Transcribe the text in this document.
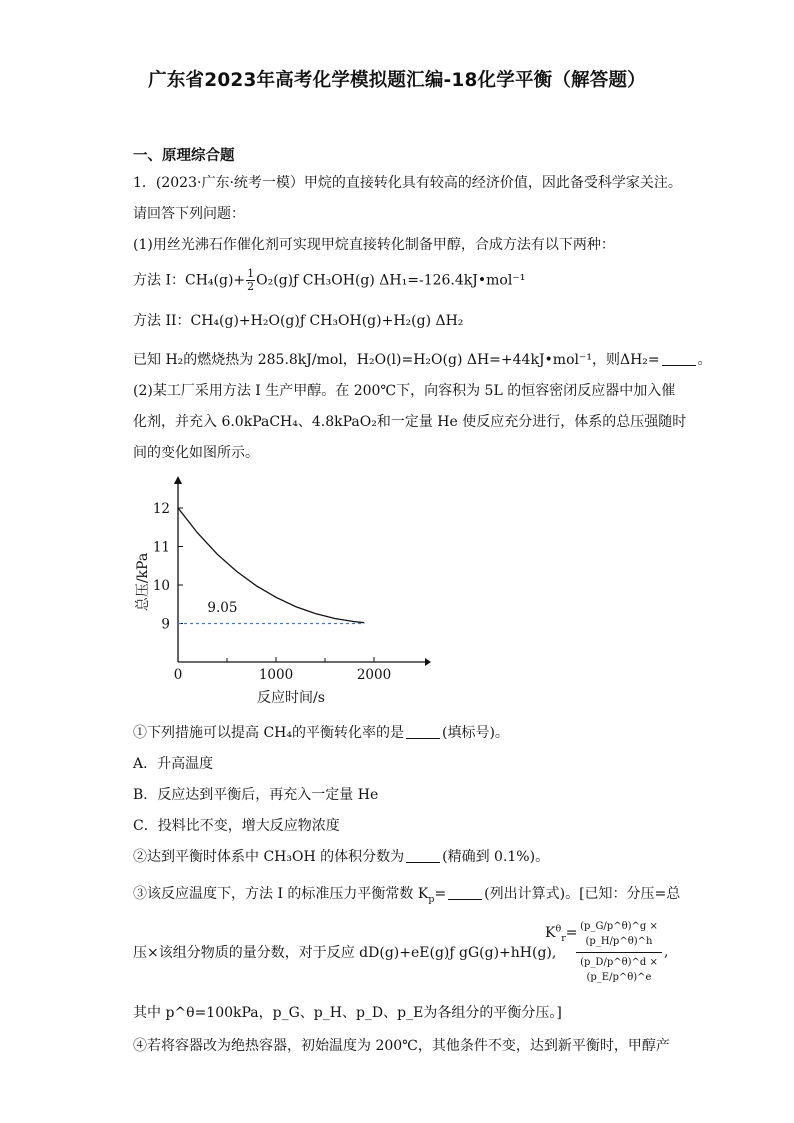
广东省2023年高考化学模拟题汇编-18化学平衡（解答题）
一、原理综合题
1．(2023·广东·统考一模）甲烷的直接转化具有较高的经济价值，因此备受科学家关注。
请回答下列问题：
(1)用丝光沸石作催化剂可实现甲烷直接转化制备甲醇，合成方法有以下两种：
方法 I：$CH_4(g)+ \frac{1}{2}$ O₂(g)ƒ CH₃OH(g) ΔH₁=-126.4kJ•mol⁻¹
方法 II：CH₄(g)+H₂O(g)ƒ CH₃OH(g)+H₂(g) ΔH₂
已知 H₂的燃烧热为 285.8kJ/mol，H₂O(l)=H₂O(g) ΔH=+44kJ•mol⁻¹，则ΔH₂=	。
(2)某工厂采用方法 I 生产甲醇。在 200℃下，向容积为 5L 的恒容密闭反应器中加入催
化剂，并充入 6.0kPaCH₄、4.8kPaO₂和一定量 He 使反应充分进行，体系的总压强随时
间的变化如图所示。
0	1000	2000
9
10
11
12
9.05
反应时间/s
总压/kPa
①下列措施可以提高 CH₄的平衡转化率的是	(填标号)。
A．升高温度
B．反应达到平衡后，再充入一定量 He
C．投料比不变，增大反应物浓度
②达到平衡时体系中 CH₃OH 的体积分数为	(精确到 0.1%)。
③该反应温度下，方法 I 的标准压力平衡常数 $K_p=$	(列出计算式)。[已知：分压=总
压×该组分物质的量分数，对于反应 dD(g)+eE(g)ƒ gG(g)+hH(g),
$K^\theta_r=$
$\frac{(p\_G/p\^{}\theta)\^{}g \times (p\_H/p\^{}\theta)\^{}h}{(p\_D/p\^{}\theta)\^{}d \times (p\_E/p\^{}\theta)\^{}e}$ ,
其中 p^θ=100kPa，p_G、p_H、p_D、p_E为各组分的平衡分压。]
④若将容器改为绝热容器，初始温度为 200℃，其他条件不变，达到新平衡时，甲醇产
